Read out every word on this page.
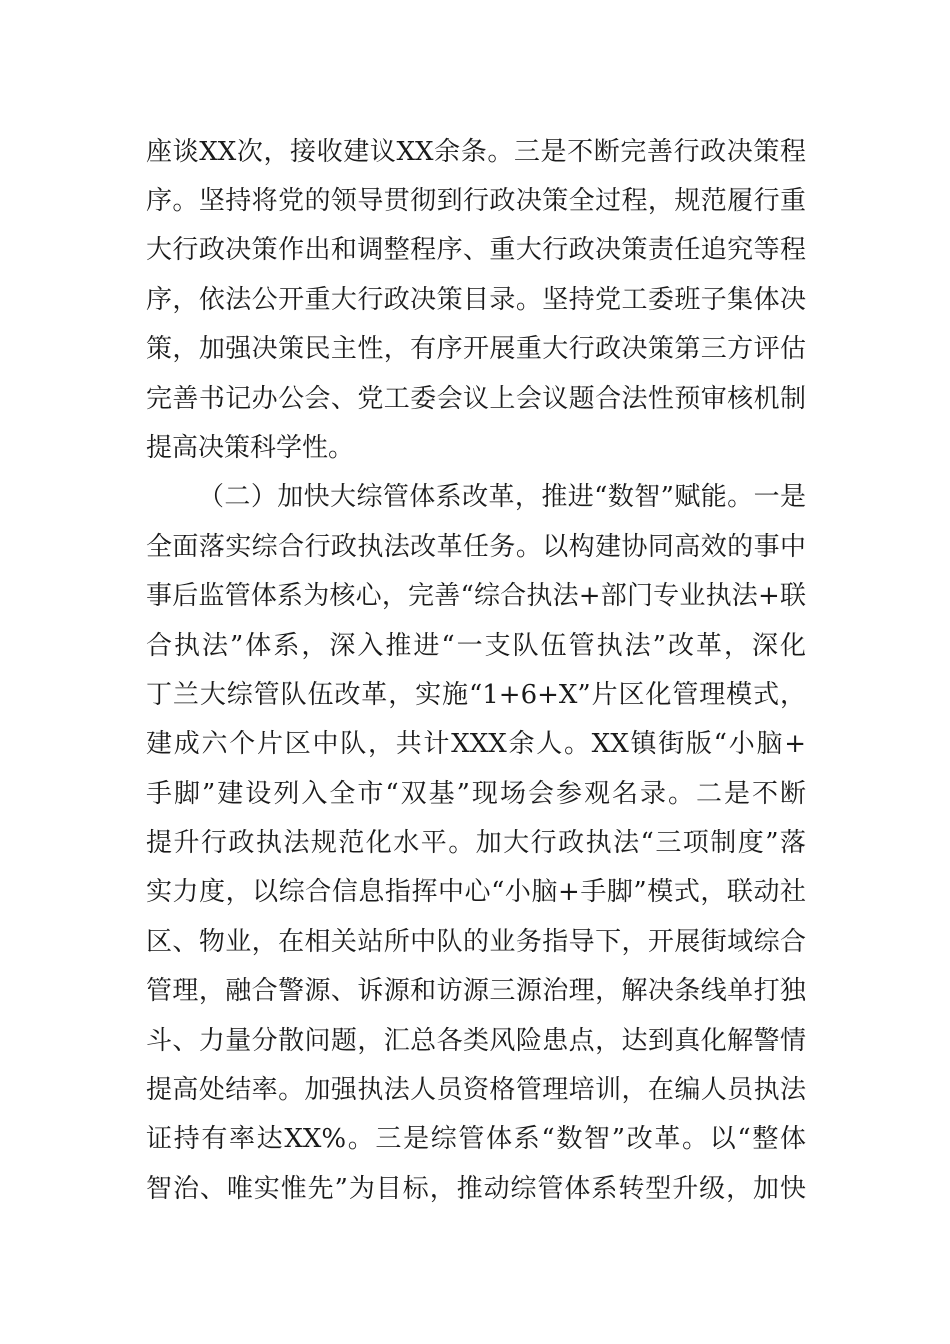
座谈XX次，接收建议XX余条。三是不断完善行政决策程
序。坚持将党的领导贯彻到行政决策全过程，规范履行重
大行政决策作出和调整程序、重大行政决策责任追究等程
序，依法公开重大行政决策目录。坚持党工委班子集体决
策，加强决策民主性，有序开展重大行政决策第三方评估
完善书记办公会、党工委会议上会议题合法性预审核机制
提高决策科学性。
（二）加快大综管体系改革，推进“数智”赋能。一是
全面落实综合行政执法改革任务。以构建协同高效的事中
事后监管体系为核心，完善“综合执法+部门专业执法+联
合执法”体系，深入推进“一支队伍管执法”改革，深化
丁兰大综管队伍改革，实施“1+6+X”片区化管理模式，
建成六个片区中队，共计XXX余人。XX镇街版“小脑+
手脚”建设列入全市“双基”现场会参观名录。二是不断
提升行政执法规范化水平。加大行政执法“三项制度”落
实力度，以综合信息指挥中心“小脑+手脚”模式，联动社
区、物业，在相关站所中队的业务指导下，开展街域综合
管理，融合警源、诉源和访源三源治理，解决条线单打独
斗、力量分散问题，汇总各类风险患点，达到真化解警情
提高处结率。加强执法人员资格管理培训，在编人员执法
证持有率达XX%。三是综管体系“数智”改革。以“整体
智治、唯实惟先”为目标，推动综管体系转型升级，加快
